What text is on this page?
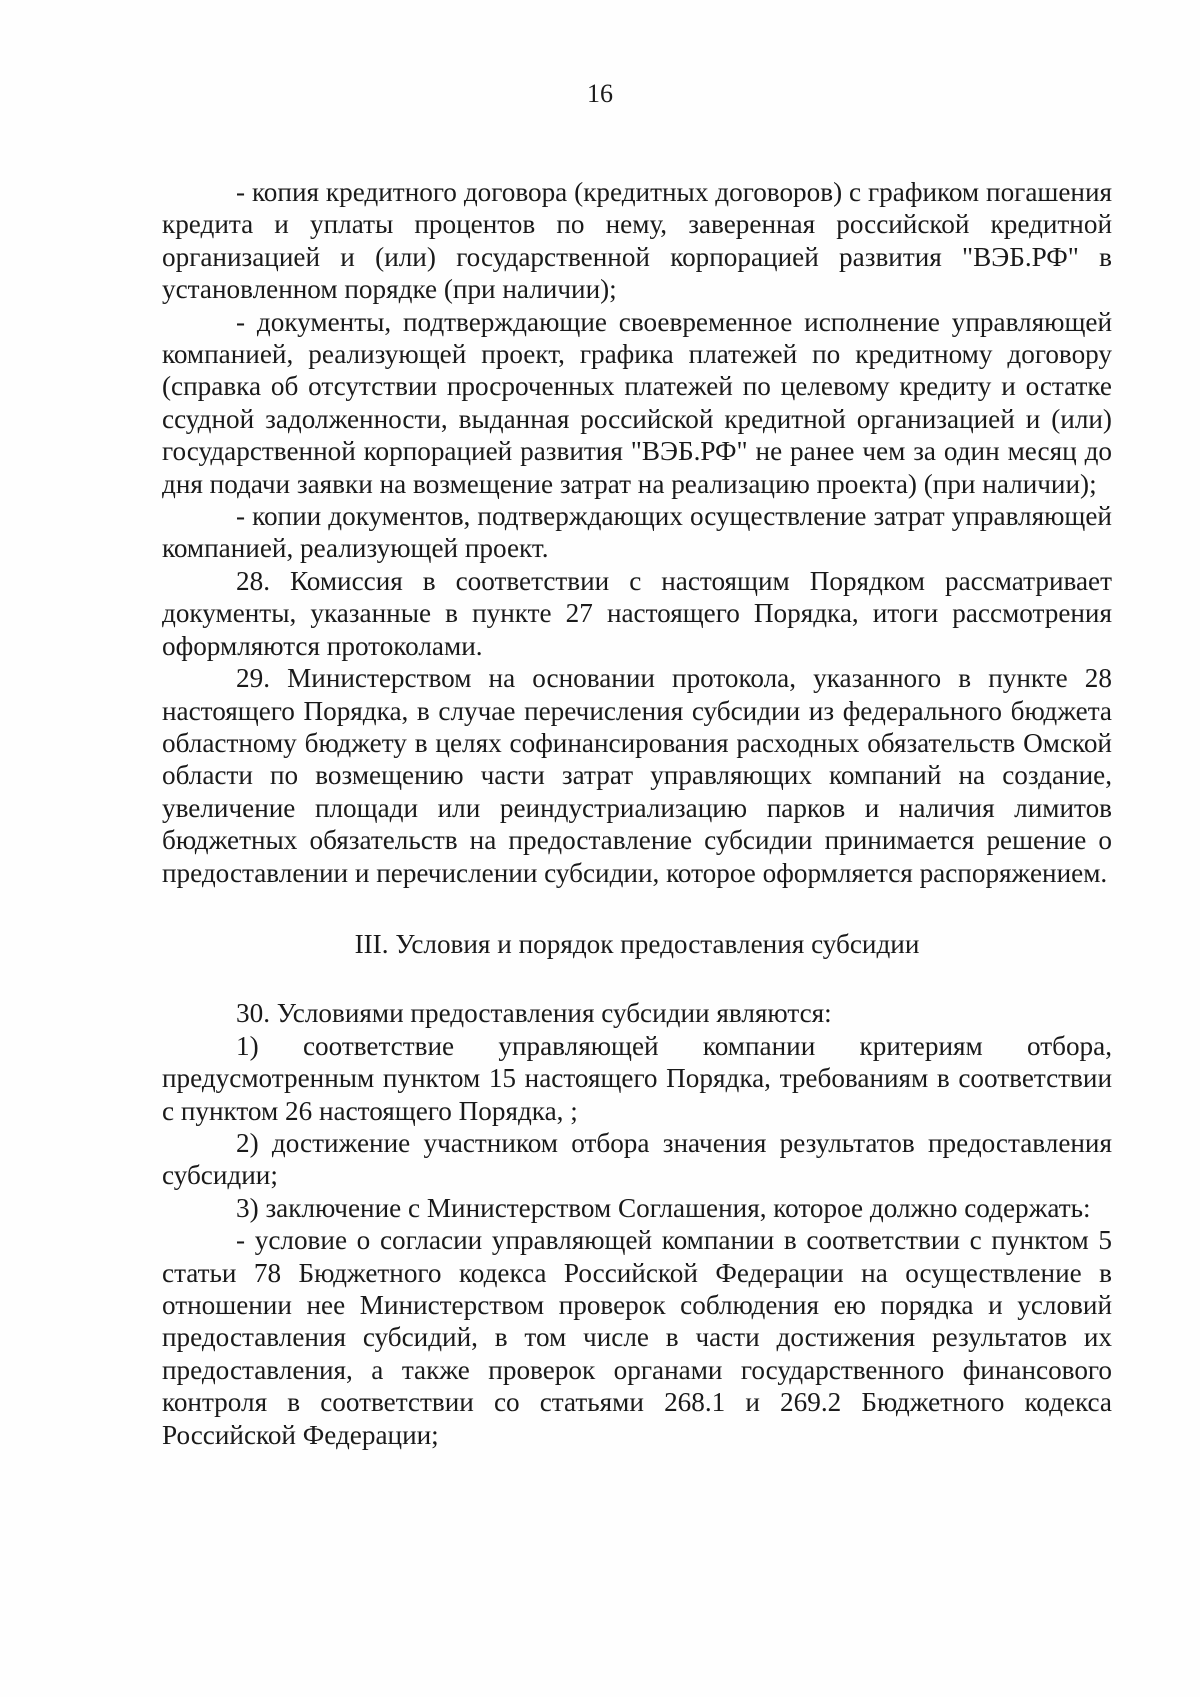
16

- копия кредитного договора (кредитных договоров) с графиком погашения кредита и уплаты процентов по нему, заверенная российской кредитной организацией и (или) государственной корпорацией развития "ВЭБ.РФ" в установленном порядке (при наличии);

- документы, подтверждающие своевременное исполнение управляющей компанией, реализующей проект, графика платежей по кредитному договору (справка об отсутствии просроченных платежей по целевому кредиту и остатке ссудной задолженности, выданная российской кредитной организацией и (или) государственной корпорацией развития "ВЭБ.РФ" не ранее чем за один месяц до дня подачи заявки на возмещение затрат на реализацию проекта) (при наличии);

- копии документов, подтверждающих осуществление затрат управляющей компанией, реализующей проект.

28. Комиссия в соответствии с настоящим Порядком рассматривает документы, указанные в пункте 27 настоящего Порядка, итоги рассмотрения оформляются протоколами.

29. Министерством на основании протокола, указанного в пункте 28 настоящего Порядка, в случае перечисления субсидии из федерального бюджета областному бюджету в целях софинансирования расходных обязательств Омской области по возмещению части затрат управляющих компаний на создание, увеличение площади или реиндустриализацию парков и наличия лимитов бюджетных обязательств на предоставление субсидии принимается решение о предоставлении и перечислении субсидии, которое оформляется распоряжением.

III. Условия и порядок предоставления субсидии

30. Условиями предоставления субсидии являются:

1) соответствие управляющей компании критериям отбора, предусмотренным пунктом 15 настоящего Порядка, требованиям в соответствии с пунктом 26 настоящего Порядка, ;

2) достижение участником отбора значения результатов предоставления субсидии;

3) заключение с Министерством Соглашения, которое должно содержать:

- условие о согласии управляющей компании в соответствии с пунктом 5 статьи 78 Бюджетного кодекса Российской Федерации на осуществление в отношении нее Министерством проверок соблюдения ею порядка и условий предоставления субсидий, в том числе в части достижения результатов их предоставления, а также проверок органами государственного финансового контроля в соответствии со статьями 268.1 и 269.2 Бюджетного кодекса Российской Федерации;
